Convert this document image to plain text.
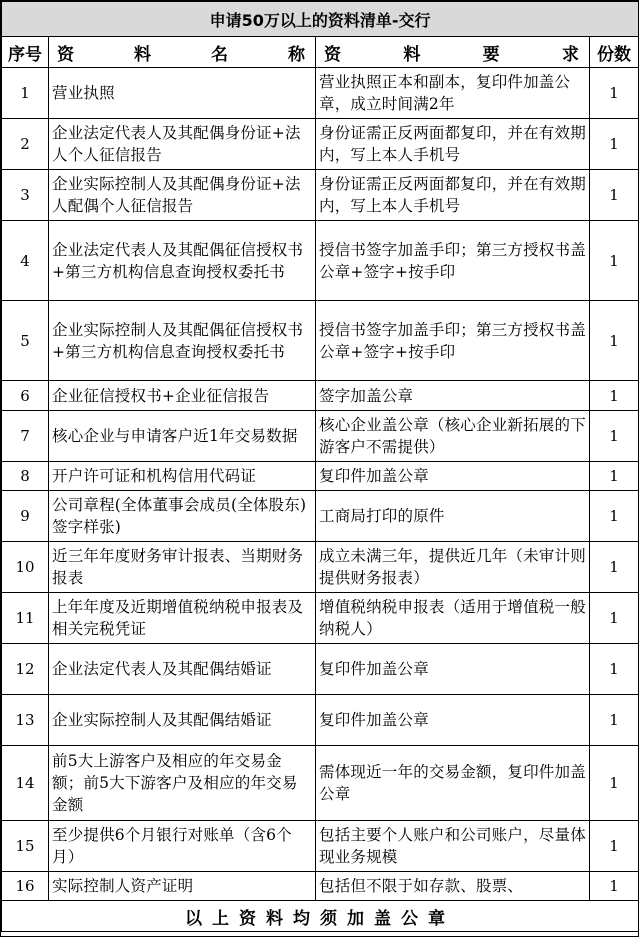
申请50万以上的资料清单-交行			
序号	资 料 名 称	资 料 要 求	份数
1	营业执照	营业执照正本和副本，复印件加盖公章，成立时间满2年	1
2	企业法定代表人及其配偶身份证+法人个人征信报告	身份证需正反两面都复印，并在有效期内，写上本人手机号	1
3	企业实际控制人及其配偶身份证+法人配偶个人征信报告	身份证需正反两面都复印，并在有效期内，写上本人手机号	1
4	企业法定代表人及其配偶征信授权书+第三方机构信息查询授权委托书	授信书签字加盖手印；第三方授权书盖公章+签字+按手印	1
5	企业实际控制人及其配偶征信授权书+第三方机构信息查询授权委托书	授信书签字加盖手印；第三方授权书盖公章+签字+按手印	1
6	企业征信授权书+企业征信报告	签字加盖公章	1
7	核心企业与申请客户近1年交易数据	核心企业盖公章（核心企业新拓展的下游客户不需提供）	1
8	开户许可证和机构信用代码证	复印件加盖公章	1
9	公司章程(全体董事会成员(全体股东)签字样张)	工商局打印的原件	1
10	近三年年度财务审计报表、当期财务报表	成立未满三年，提供近几年（未审计则提供财务报表）	1
11	上年年度及近期增值税纳税申报表及相关完税凭证	增值税纳税申报表（适用于增值税一般纳税人）	1
12	企业法定代表人及其配偶结婚证	复印件加盖公章	1
13	企业实际控制人及其配偶结婚证	复印件加盖公章	1
14	前5大上游客户及相应的年交易金额；前5大下游客户及相应的年交易金额	需体现近一年的交易金额，复印件加盖公章	1
15	至少提供6个月银行对账单（含6个月）	包括主要个人账户和公司账户，尽量体现业务规模	1
16	实际控制人资产证明	包括但不限于如存款、股票、	1
以上资料均须加盖公章			
